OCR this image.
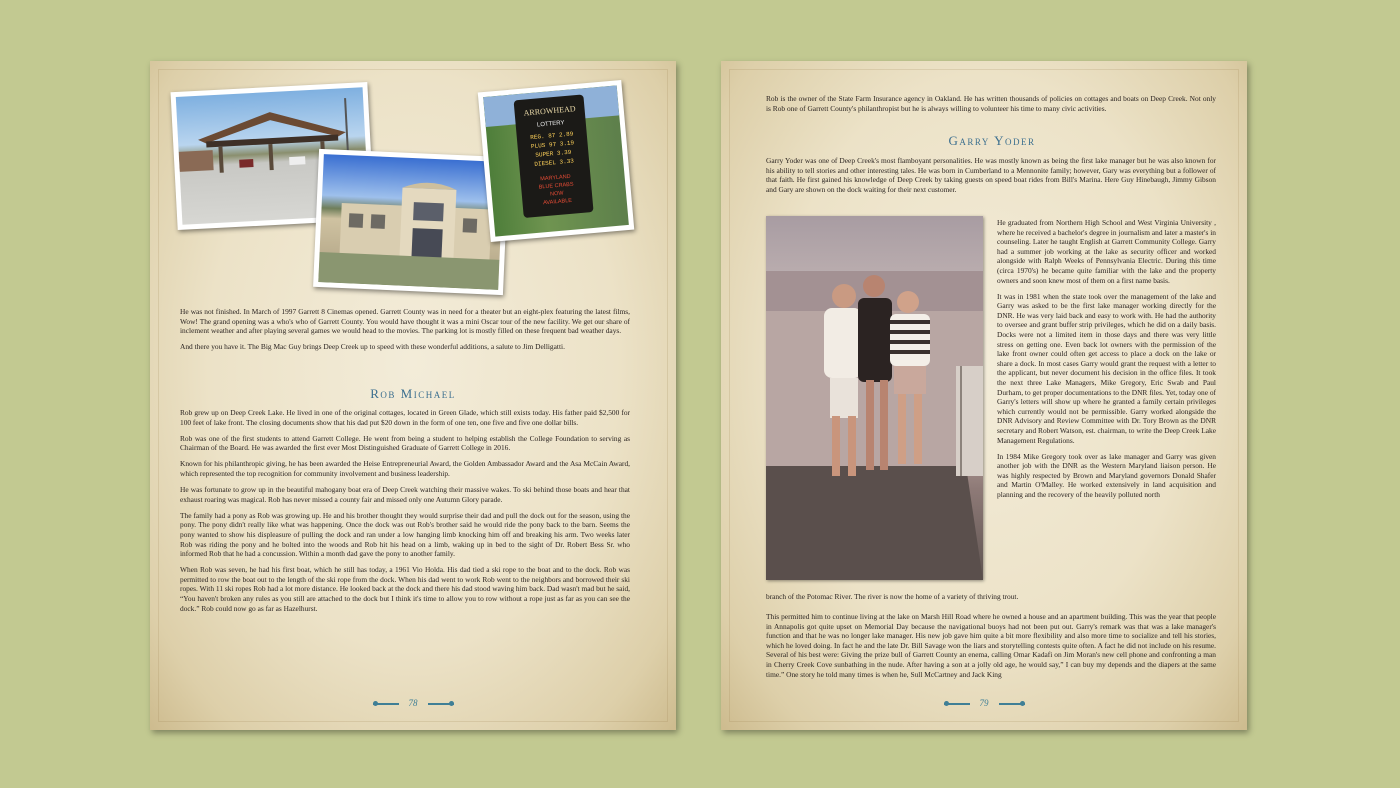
ARROWHEAD
LOTTERY
REG. 87 2.89
PLUS 97 3.19
SUPER 3.39
DIESEL 3.33
MARYLAND
BLUE CRABS
NOW
AVAILABLE

He was not finished. In March of 1997 Garrett 8 Cinemas opened. Garrett County was in need for a theater but an eight-plex featuring the latest films, Wow! The grand opening was a who's who of Garrett County. You would have thought it was a mini Oscar tour of the new facility. We get our share of inclement weather and after playing several games we would head to the movies. The parking lot is mostly filled on these frequent bad weather days.

And there you have it. The Big Mac Guy brings Deep Creek up to speed with these wonderful additions, a salute to Jim Delligatti.

Rob Michael

Rob grew up on Deep Creek Lake. He lived in one of the original cottages, located in Green Glade, which still exists today. His father paid $2,500 for 100 feet of lake front. The closing documents show that his dad put $20 down in the form of one ten, one five and five one dollar bills.

Rob was one of the first students to attend Garrett College. He went from being a student to helping establish the College Foundation to serving as Chairman of the Board. He was awarded the first ever Most Distinguished Graduate of Garrett College in 2016.

Known for his philanthropic giving, he has been awarded the Heise Entrepreneurial Award, the Golden Ambassador Award and the Asa McCain Award, which represented the top recognition for community involvement and business leadership.

He was fortunate to grow up in the beautiful mahogany boat era of Deep Creek watching their massive wakes. To ski behind those boats and hear that exhaust roaring was magical. Rob has never missed a county fair and missed only one Autumn Glory parade.

The family had a pony as Rob was growing up. He and his brother thought they would surprise their dad and pull the dock out for the season, using the pony. The pony didn't really like what was happening. Once the dock was out Rob's brother said he would ride the pony back to the barn. Seems the pony wanted to show his displeasure of pulling the dock and ran under a low hanging limb knocking him off and breaking his arm. Two weeks later Rob was riding the pony and he bolted into the woods and Rob hit his head on a limb, waking up in bed to the sight of Dr. Robert Bess Sr. who informed Rob that he had a concussion. Within a month dad gave the pony to another family.

When Rob was seven, he had his first boat, which he still has today, a 1961 Vio Holda. His dad tied a ski rope to the boat and to the dock. Rob was permitted to row the boat out to the length of the ski rope from the dock. When his dad went to work Rob went to the neighbors and borrowed their ski ropes. With 11 ski ropes Rob had a lot more distance. He looked back at the dock and there his dad stood waving him back. Dad wasn't mad but he said, “You haven't broken any rules as you still are attached to the dock but I think it's time to allow you to row without a rope just as far as you can see the dock.” Rob could now go as far as Hazelhurst.

78

Rob is the owner of the State Farm Insurance agency in Oakland. He has written thousands of policies on cottages and boats on Deep Creek. Not only is Rob one of Garrett County's philanthropist but he is always willing to volunteer his time to many civic activities.

Garry Yoder

Garry Yoder was one of Deep Creek's most flamboyant personalities. He was mostly known as being the first lake manager but he was also known for his ability to tell stories and other interesting tales. He was born in Cumberland to a Mennonite family; however, Gary was everything but a follower of that faith. He first gained his knowledge of Deep Creek by taking guests on speed boat rides from Bill's Marina. Here Guy Hinebaugh, Jimmy Gibson and Gary are shown on the dock waiting for their next customer.

He graduated from Northern High School and West Virginia University , where he received a bachelor's degree in journalism and later a master's in counseling. Later he taught English at Garrett Community College. Garry had a summer job working at the lake as security officer and worked alongside with Ralph Weeks of Pennsylvania Electric. During this time (circa 1970's) he became quite familiar with the lake and the property owners and soon knew most of them on a first name basis.

It was in 1981 when the state took over the management of the lake and Garry was asked to be the first lake manager working directly for the DNR. He was very laid back and easy to work with. He had the authority to oversee and grant buffer strip privileges, which he did on a daily basis. Docks were not a limited item in those days and there was very little stress on getting one. Even back lot owners with the permission of the lake front owner could often get access to place a dock on the lake or share a dock. In most cases Garry would grant the request with a letter to the applicant, but never document his decision in the office files. It took the next three Lake Managers, Mike Gregory, Eric Swab and Paul Durham, to get proper documentations to the DNR files. Yet, today one of Garry's letters will show up where he granted a family certain privileges which currently would not be permissible. Garry worked alongside the DNR Advisory and Review Committee with Dr. Tory Brown as the DNR secretary and Robert Watson, est. chairman, to write the Deep Creek Lake Management Regulations.

In 1984 Mike Gregory took over as lake manager and Garry was given another job with the DNR as the Western Maryland liaison person. He was highly respected by Brown and Maryland governors Donald Shafer and Martin O'Malley. He worked extensively in land acquisition and planning and the recovery of the heavily polluted north

branch of the Potomac River. The river is now the home of a variety of thriving trout.

This permitted him to continue living at the lake on Marsh Hill Road where he owned a house and an apartment building. This was the year that people in Annapolis got quite upset on Memorial Day because the navigational buoys had not been put out. Garry's remark was that was a lake manager's function and that he was no longer lake manager. His new job gave him quite a bit more flexibility and also more time to socialize and tell his stories, which he loved doing. In fact he and the late Dr. Bill Savage won the liars and storytelling contests quite often. A fact he did not include on his resume. Several of his best were: Giving the prize bull of Garrett County an enema, calling Omar Kadafi on Jim Moran's new cell phone and confronting a man in Cherry Creek Cove sunbathing in the nude. After having a son at a jolly old age, he would say,” I can buy my depends and the diapers at the same time.” One story he told many times is when he, Sull McCartney and Jack King

79
